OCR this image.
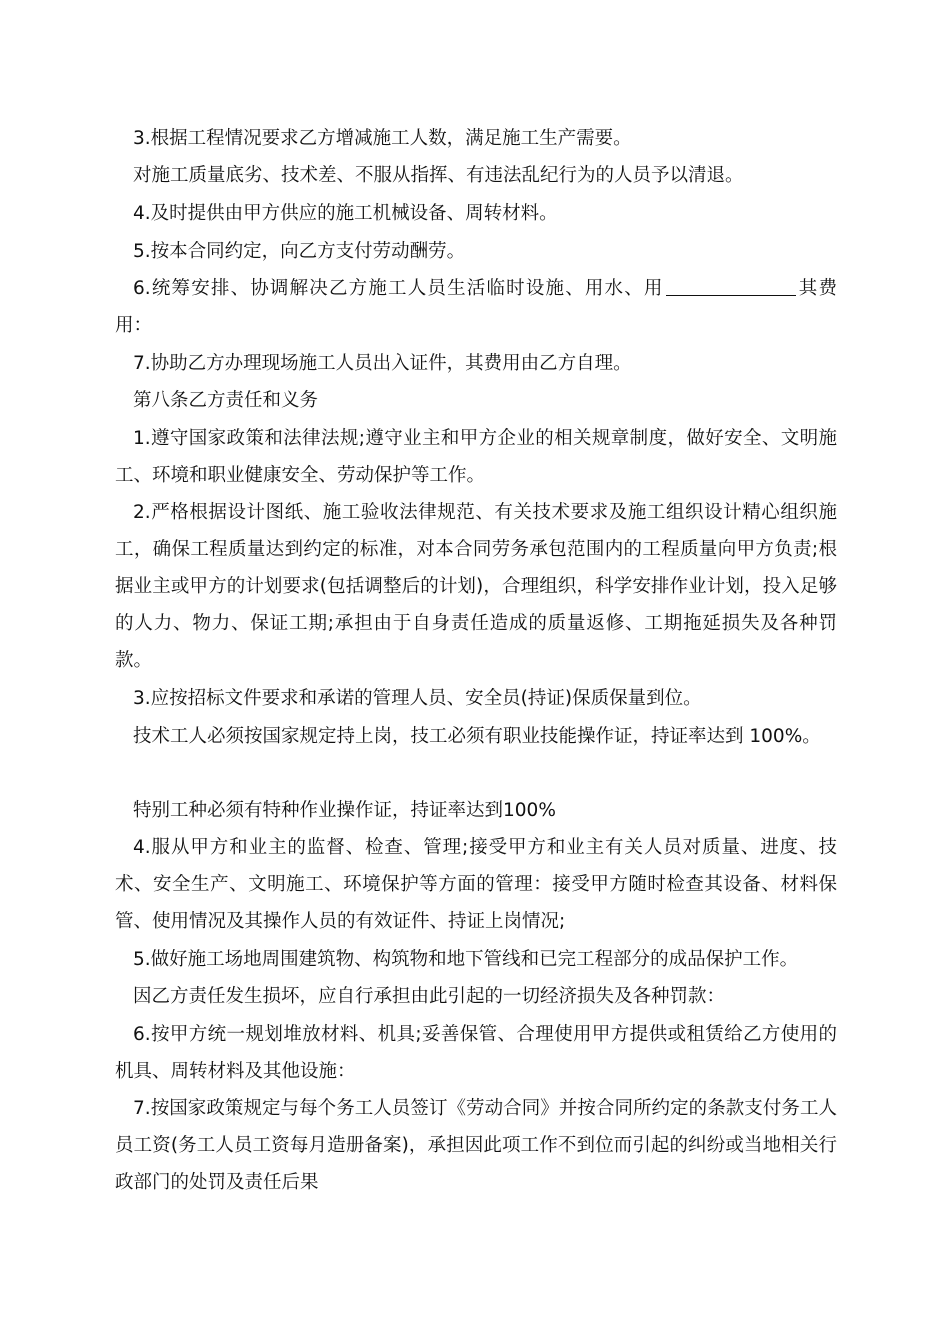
3.根据工程情况要求乙方增减施工人数，满足施工生产需要。

对施工质量底劣、技术差、不服从指挥、有违法乱纪行为的人员予以清退。

4.及时提供由甲方供应的施工机械设备、周转材料。

5.按本合同约定，向乙方支付劳动酬劳。

6.统筹安排、协调解决乙方施工人员生活临时设施、用水、用	其费用：

7.协助乙方办理现场施工人员出入证件，其费用由乙方自理。

第八条乙方责任和义务

1.遵守国家政策和法律法规;遵守业主和甲方企业的相关规章制度，做好安全、文明施工、环境和职业健康安全、劳动保护等工作。

2.严格根据设计图纸、施工验收法律规范、有关技术要求及施工组织设计精心组织施工，确保工程质量达到约定的标准，对本合同劳务承包范围内的工程质量向甲方负责;根据业主或甲方的计划要求(包括调整后的计划)，合理组织，科学安排作业计划，投入足够的人力、物力、保证工期;承担由于自身责任造成的质量返修、工期拖延损失及各种罚款。

3.应按招标文件要求和承诺的管理人员、安全员(持证)保质保量到位。

技术工人必须按国家规定持上岗，技工必须有职业技能操作证，持证率达到 100%。

特别工种必须有特种作业操作证，持证率达到100%

4.服从甲方和业主的监督、检查、管理;接受甲方和业主有关人员对质量、进度、技术、安全生产、文明施工、环境保护等方面的管理：接受甲方随时检查其设备、材料保管、使用情况及其操作人员的有效证件、持证上岗情况;

5.做好施工场地周围建筑物、构筑物和地下管线和已完工程部分的成品保护工作。

因乙方责任发生损坏，应自行承担由此引起的一切经济损失及各种罚款：

6.按甲方统一规划堆放材料、机具;妥善保管、合理使用甲方提供或租赁给乙方使用的机具、周转材料及其他设施：

7.按国家政策规定与每个务工人员签订《劳动合同》并按合同所约定的条款支付务工人员工资(务工人员工资每月造册备案)，承担因此项工作不到位而引起的纠纷或当地相关行政部门的处罚及责任后果
